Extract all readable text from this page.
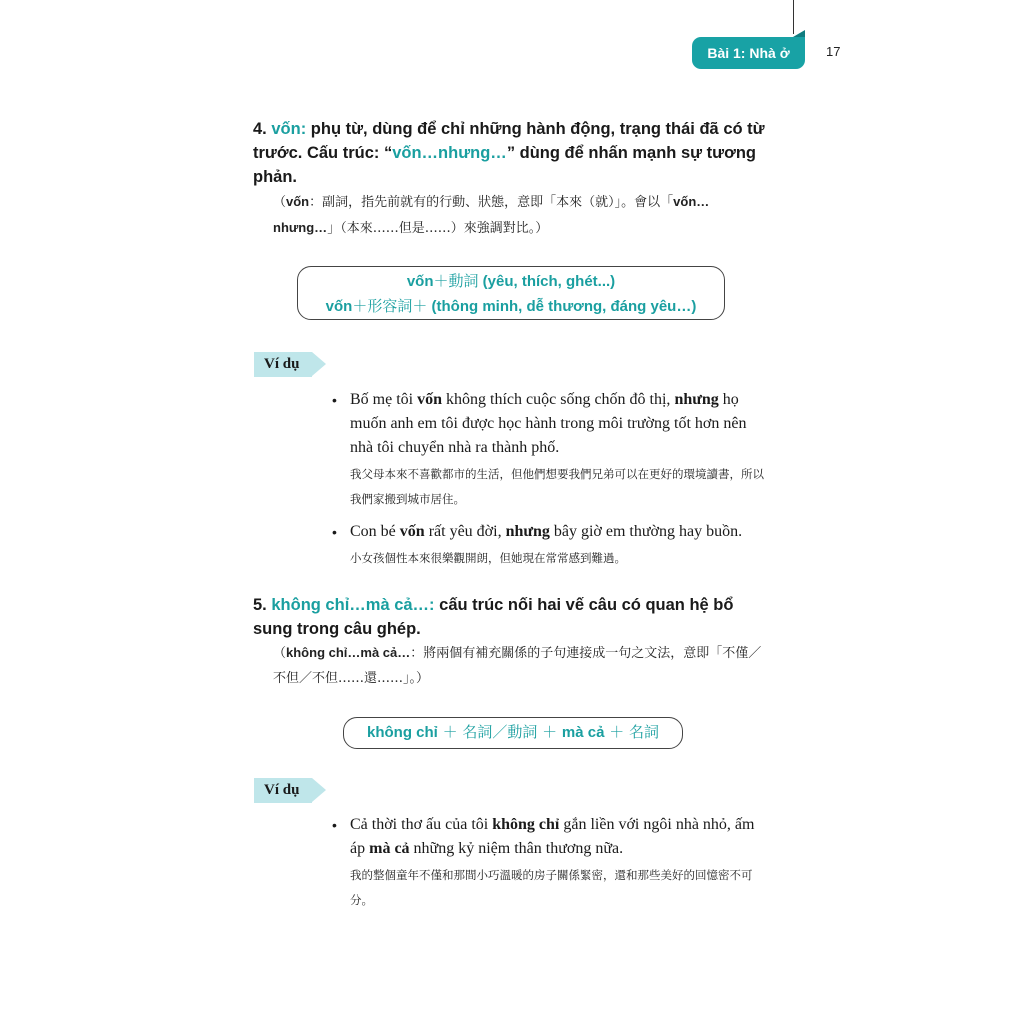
Bài 1: Nhà ở	17
4. vốn: phụ từ, dùng để chỉ những hành động, trạng thái đã có từ trước. Cấu trúc: “vốn…nhưng…” dùng để nhấn mạnh sự tương phản.
（vốn：副詞，指先前就有的行動、狀態，意即「本來（就）」。會以「vốn… nhưng…」（本來……但是……）來強調對比。）
vốn＋動詞 (yêu, thích, ghét...)
vốn＋形容詞＋ (thông minh, dễ thương, đáng yêu…)
Ví dụ
• Bố mẹ tôi vốn không thích cuộc sống chốn đô thị, nhưng họ muốn anh em tôi được học hành trong môi trường tốt hơn nên nhà tôi chuyển nhà ra thành phố.
我父母本來不喜歡都市的生活，但他們想要我們兄弟可以在更好的環境讀書，所以我們家搬到城市居住。
• Con bé vốn rất yêu đời, nhưng bây giờ em thường hay buồn.
小女孩個性本來很樂觀開朗，但她現在常常感到難過。
5. không chỉ…mà cả…: cấu trúc nối hai vế câu có quan hệ bổ sung trong câu ghép.
（không chỉ…mà cả…：將兩個有補充關係的子句連接成一句之文法，意即「不僅／不但／不但……還……」。）
không chỉ ＋ 名詞／動詞 ＋ mà cả ＋ 名詞
Ví dụ
• Cả thời thơ ấu của tôi không chỉ gắn liền với ngôi nhà nhỏ, ấm áp mà cả những kỷ niệm thân thương nữa.
我的整個童年不僅和那間小巧溫暖的房子關係緊密，還和那些美好的回憶密不可分。
